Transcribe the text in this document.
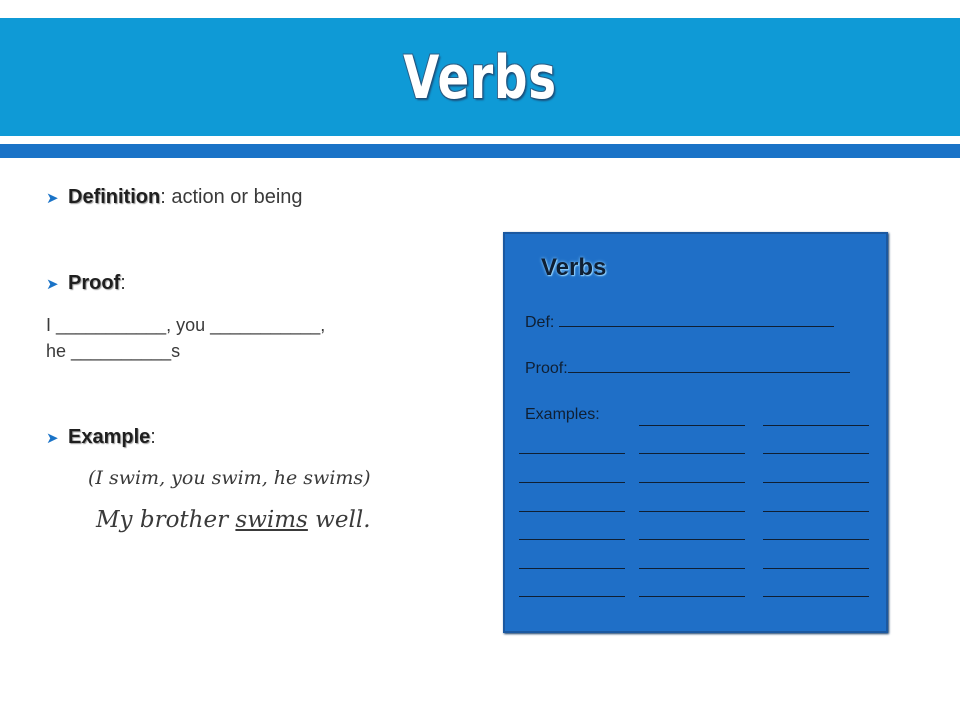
Verbs
➤ Definition: action or being
➤ Proof:
I ___________, you ___________,
he __________s
➤ Example:
(I swim, you swim, he swims)
My brother swims well.
Verbs
Def:
Proof:
Examples:
